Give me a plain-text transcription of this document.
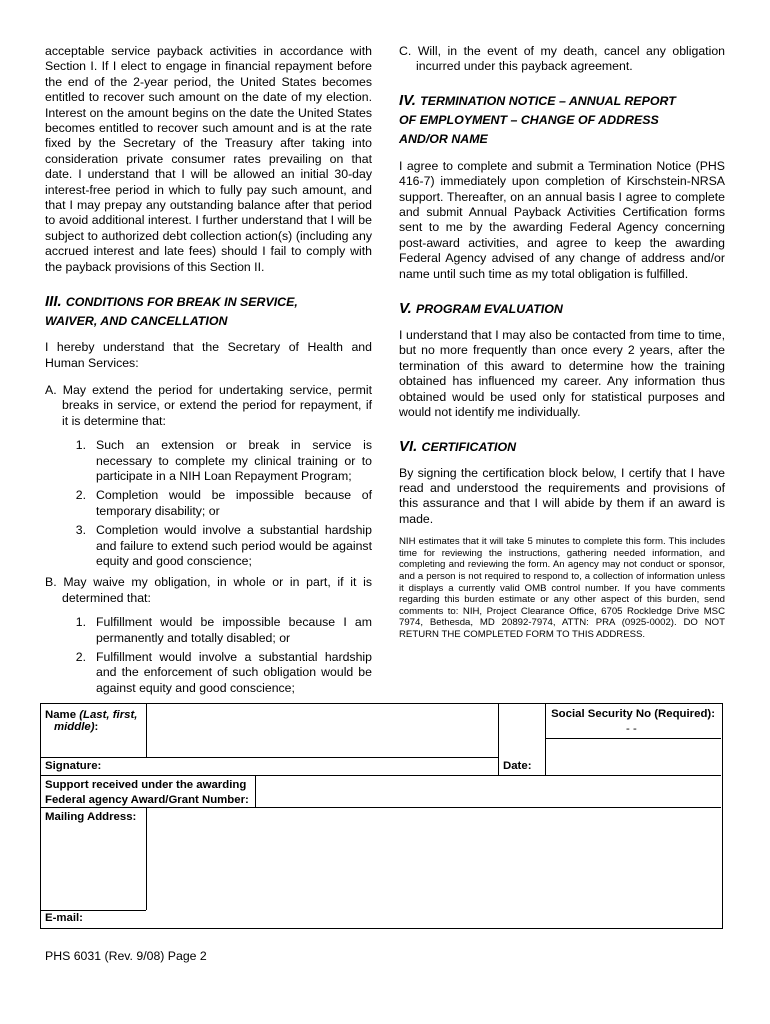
acceptable service payback activities in accordance with Section I. If I elect to engage in financial repayment before the end of the 2-year period, the United States becomes entitled to recover such amount on the date of my election. Interest on the amount begins on the date the United States becomes entitled to recover such amount and is at the rate fixed by the Secretary of the Treasury after taking into consideration private consumer rates prevailing on that date. I understand that I will be allowed an initial 30-day interest-free period in which to fully pay such amount, and that I may prepay any outstanding balance after that period to avoid additional interest. I further understand that I will be subject to authorized debt collection action(s) (including any accrued interest and late fees) should I fail to comply with the payback provisions of this Section II.

III. CONDITIONS FOR BREAK IN SERVICE,
WAIVER, AND CANCELLATION

I hereby understand that the Secretary of Health and Human Services:

A. May extend the period for undertaking service, permit breaks in service, or extend the period for repayment, if it is determine that:
1. Such an extension or break in service is necessary to complete my clinical training or to participate in a NIH Loan Repayment Program;
2. Completion would be impossible because of temporary disability; or
3. Completion would involve a substantial hardship and failure to extend such period would be against equity and good conscience;
B. May waive my obligation, in whole or in part, if it is determined that:
1. Fulfillment would be impossible because I am permanently and totally disabled; or
2. Fulfillment would involve a substantial hardship and the enforcement of such obligation would be against equity and good conscience;
C. Will, in the event of my death, cancel any obligation incurred under this payback agreement.
IV. TERMINATION NOTICE – ANNUAL REPORT
OF EMPLOYMENT – CHANGE OF ADDRESS
AND/OR NAME

I agree to complete and submit a Termination Notice (PHS 416-7) immediately upon completion of Kirschstein-NRSA support. Thereafter, on an annual basis I agree to complete and submit Annual Payback Activities Certification forms sent to me by the awarding Federal Agency concerning post-award activities, and agree to keep the awarding Federal Agency advised of any change of address and/or name until such time as my total obligation is fulfilled.

V. PROGRAM EVALUATION

I understand that I may also be contacted from time to time, but no more frequently than once every 2 years, after the termination of this award to determine how the training obtained has influenced my career. Any information thus obtained would be used only for statistical purposes and would not identify me individually.

VI. CERTIFICATION

By signing the certification block below, I certify that I have read and understood the requirements and provisions of this assurance and that I will abide by them if an award is made.

NIH estimates that it will take 5 minutes to complete this form. This includes time for reviewing the instructions, gathering needed information, and completing and reviewing the form. An agency may not conduct or sponsor, and a person is not required to respond to, a collection of information unless it displays a currently valid OMB control number. If you have comments regarding this burden estimate or any other aspect of this burden, send comments to: NIH, Project Clearance Office, 6705 Rockledge Drive MSC 7974, Bethesda, MD 20892-7974, ATTN: PRA (0925-0002). DO NOT RETURN THE COMPLETED FORM TO THIS ADDRESS.

Name (Last, first,
middle):
Social Security No (Required):
- -
Signature:	Date:
Support received under the awarding
Federal agency Award/Grant Number:
Mailing Address:
E-mail:
PHS 6031 (Rev. 9/08) Page 2
